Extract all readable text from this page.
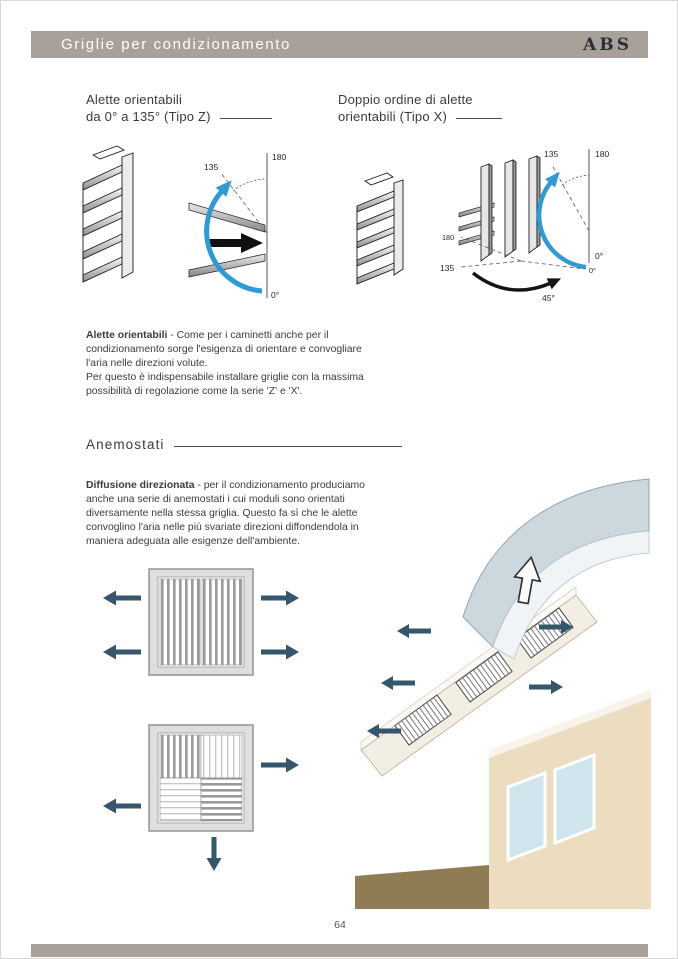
Griglie per condizionamento	ABS
Alette orientabili
da 0° a 135° (Tipo Z)
Doppio ordine di alette
orientabili (Tipo X)
135
180
0°
135	180
0°
180
135	0°
45°

Alette orientabili - Come per i caminetti anche per il condizionamento sorge l'esigenza di orientare e convogliare l'aria nelle direzioni volute.
Per questo è indispensabile installare griglie con la massima possibilità di regolazione come la serie 'Z' e 'X'.

Anemostati

Diffusione direzionata - per il condizionamento produciamo anche una serie di anemostati i cui moduli sono orientati diversamente nella stessa griglia. Questo fa sì che le alette convoglino l'aria nelle più svariate direzioni diffondendola in maniera adeguata alle esigenze dell'ambiente.

64
